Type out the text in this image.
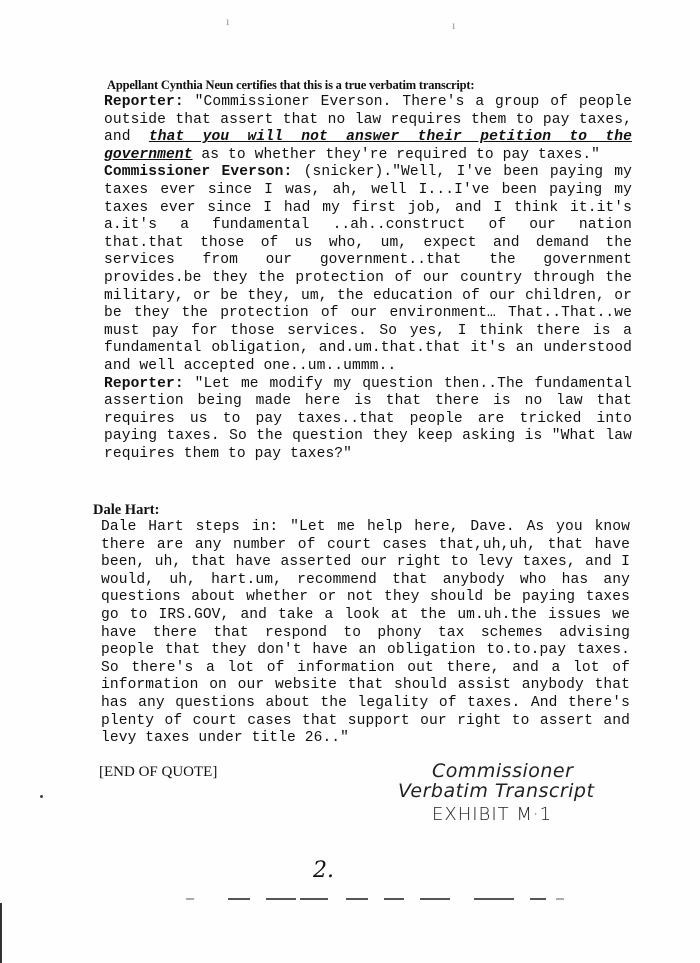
ı	ı
Appellant Cynthia Neun certifies that this is a true verbatim transcript:

Reporter: "Commissioner Everson. There's a group of people outside that assert that no law requires them to pay taxes, and that you will not answer their petition to the government as to whether they're required to pay taxes."

Commissioner Everson: (snicker)."Well, I've been paying my taxes ever since I was, ah, well I...I've been paying my taxes ever since I had my first job, and I think it.it's a.it's a fundamental ..ah..construct of our nation that.that those of us who, um, expect and demand the services from our government..that the government provides.be they the protection of our country through the military, or be they, um, the education of our children, or be they the protection of our environment… That..That..we must pay for those services. So yes, I think there is a fundamental obligation, and.um.that.that it's an understood and well accepted one..um..ummm..

Reporter: "Let me modify my question then..The fundamental assertion being made here is that there is no law that requires us to pay taxes..that people are tricked into paying taxes. So the question they keep asking is "What law requires them to pay taxes?"

Dale Hart:
Dale Hart steps in: "Let me help here, Dave. As you know there are any number of court cases that,uh,uh, that have been, uh, that have asserted our right to levy taxes, and I would, uh, hart.um, recommend that anybody who has any questions about whether or not they should be paying taxes go to IRS.GOV, and take a look at the um.uh.the issues we have there that respond to phony tax schemes advising people that they don't have an obligation to.to.pay taxes. So there's a lot of information out there, and a lot of information on our website that should assist anybody that has any questions about the legality of taxes. And there's plenty of court cases that support our right to assert and levy taxes under title 26.."
[END OF QUOTE]	Commissioner
Verbatim Transcript
EXHIBIT M·1
2.
